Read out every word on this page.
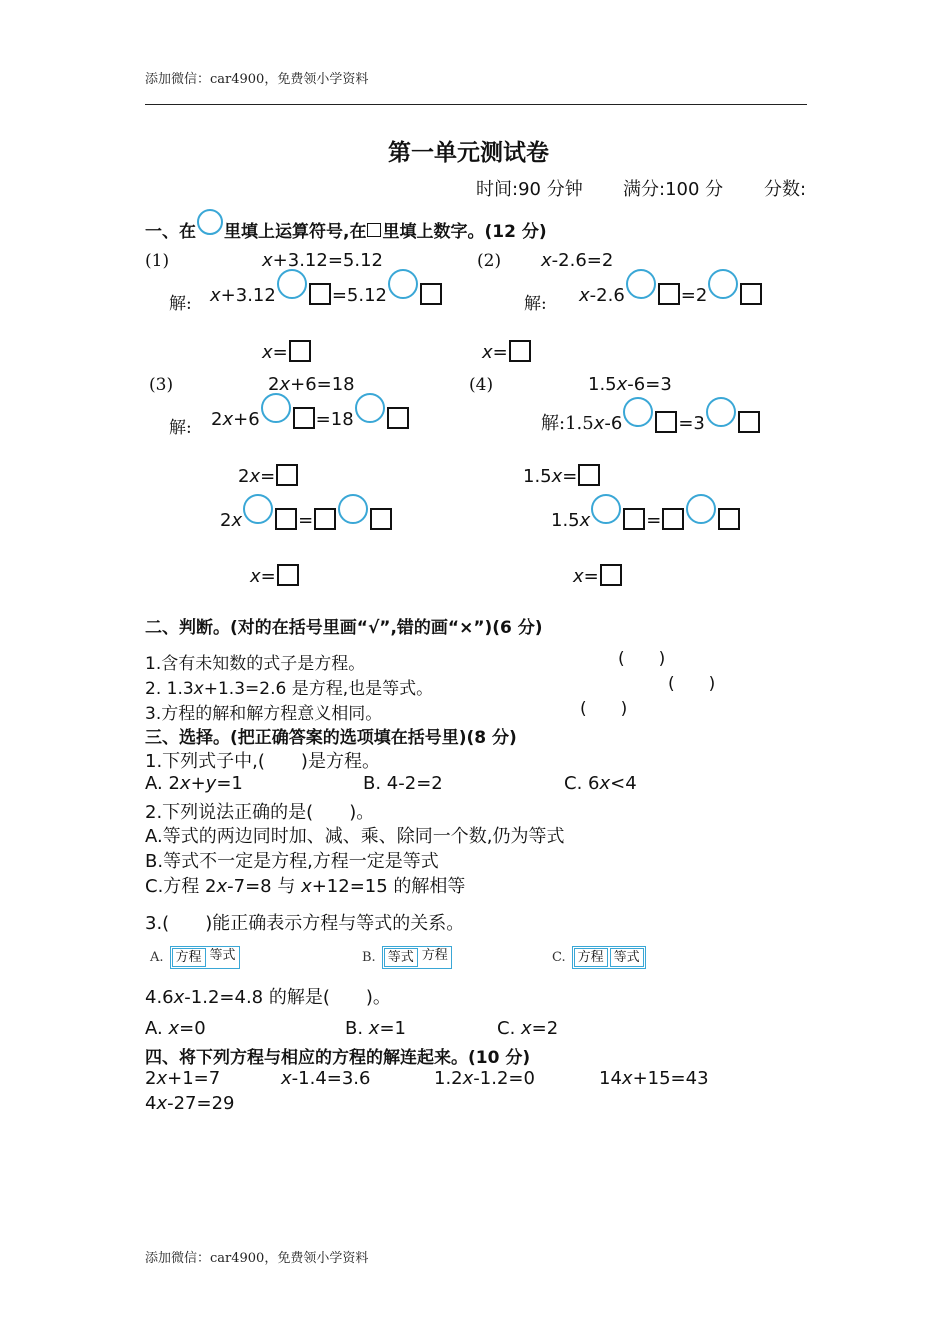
添加微信：car4900，免费领小学资料
第一单元测试卷
时间:90 分钟 满分:100 分 分数:
一、在 里填上运算符号,在 里填上数字。(12 分)
(1)	x+3.12=5.12
解: x+3.12	=5.12
x=
(2) x-2.6=2
解: x-2.6	=2
x=
(3)	2x+6=18
解: 2x+6	=18
2x=
2x	=
x=
(4)	1.5x-6=3
解:1.5x-6	=3
1.5x=
1.5x	=
x=
二、判断。(对的在括号里画“√”,错的画“×”)(6 分)
1.含有未知数的式子是方程。	( )
2. 1.3x+1.3=2.6 是方程,也是等式。	( )
3.方程的解和解方程意义相同。	( )
三、选择。(把正确答案的选项填在括号里)(8 分)
1.下列式子中,(　　)是方程。
A. 2x+y=1	B. 4-2=2	C. 6x<4
2.下列说法正确的是(　　)。
A.等式的两边同时加、减、乘、除同一个数,仍为等式
B.等式不一定是方程,方程一定是等式
C.方程 2x-7=8 与 x+12=15 的解相等
3.(　　)能正确表示方程与等式的关系。
A. 方程 等式	B. 等式 方程	C. 方程 等式
4.6x-1.2=4.8 的解是(　　)。
A. x=0	B. x=1	C. x=2
四、将下列方程与相应的方程的解连起来。(10 分)
2x+1=7	x-1.4=3.6	1.2x-1.2=0	14x+15=43
4x-27=29
添加微信：car4900，免费领小学资料
